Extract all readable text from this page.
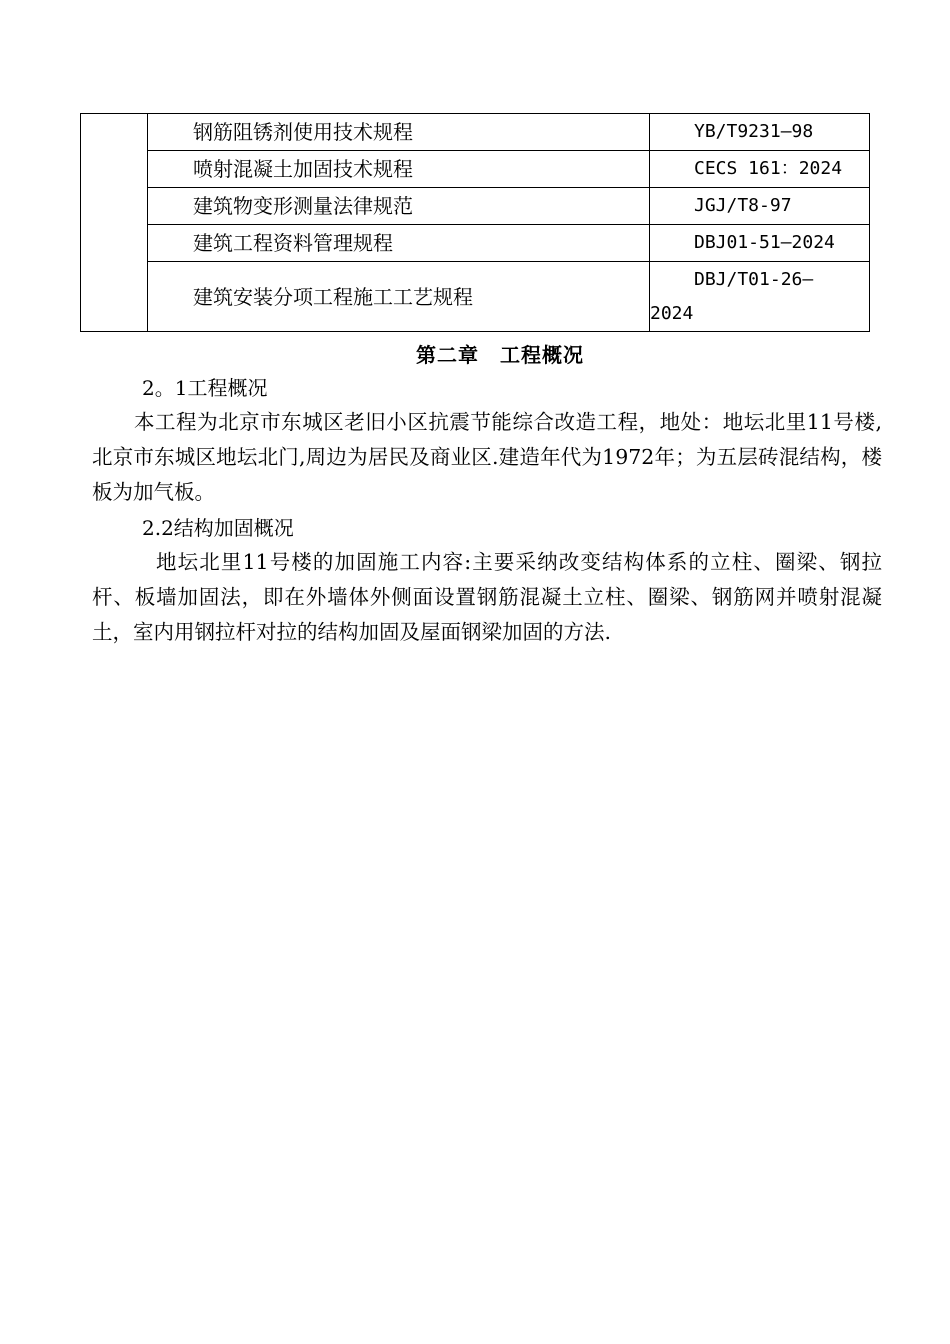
	钢筋阻锈剂使用技术规程	YB/T9231—98
	喷射混凝土加固技术规程	CECS 161：2024
	建筑物变形测量法律规范	JGJ/T8-97
	建筑工程资料管理规程	DBJ01-51—2024
	建筑安装分项工程施工工艺规程	DBJ/T01-26—
2024
第二章　工程概况
2。1工程概况

本工程为北京市东城区老旧小区抗震节能综合改造工程，地处：地坛北里11号楼,北京市东城区地坛北门,周边为居民及商业区.建造年代为1972年；为五层砖混结构，楼板为加气板。

2.2结构加固概况

地坛北里11号楼的加固施工内容:主要采纳改变结构体系的立柱、圈梁、钢拉杆、板墙加固法，即在外墙体外侧面设置钢筋混凝土立柱、圈梁、钢筋网并喷射混凝土，室内用钢拉杆对拉的结构加固及屋面钢梁加固的方法.
